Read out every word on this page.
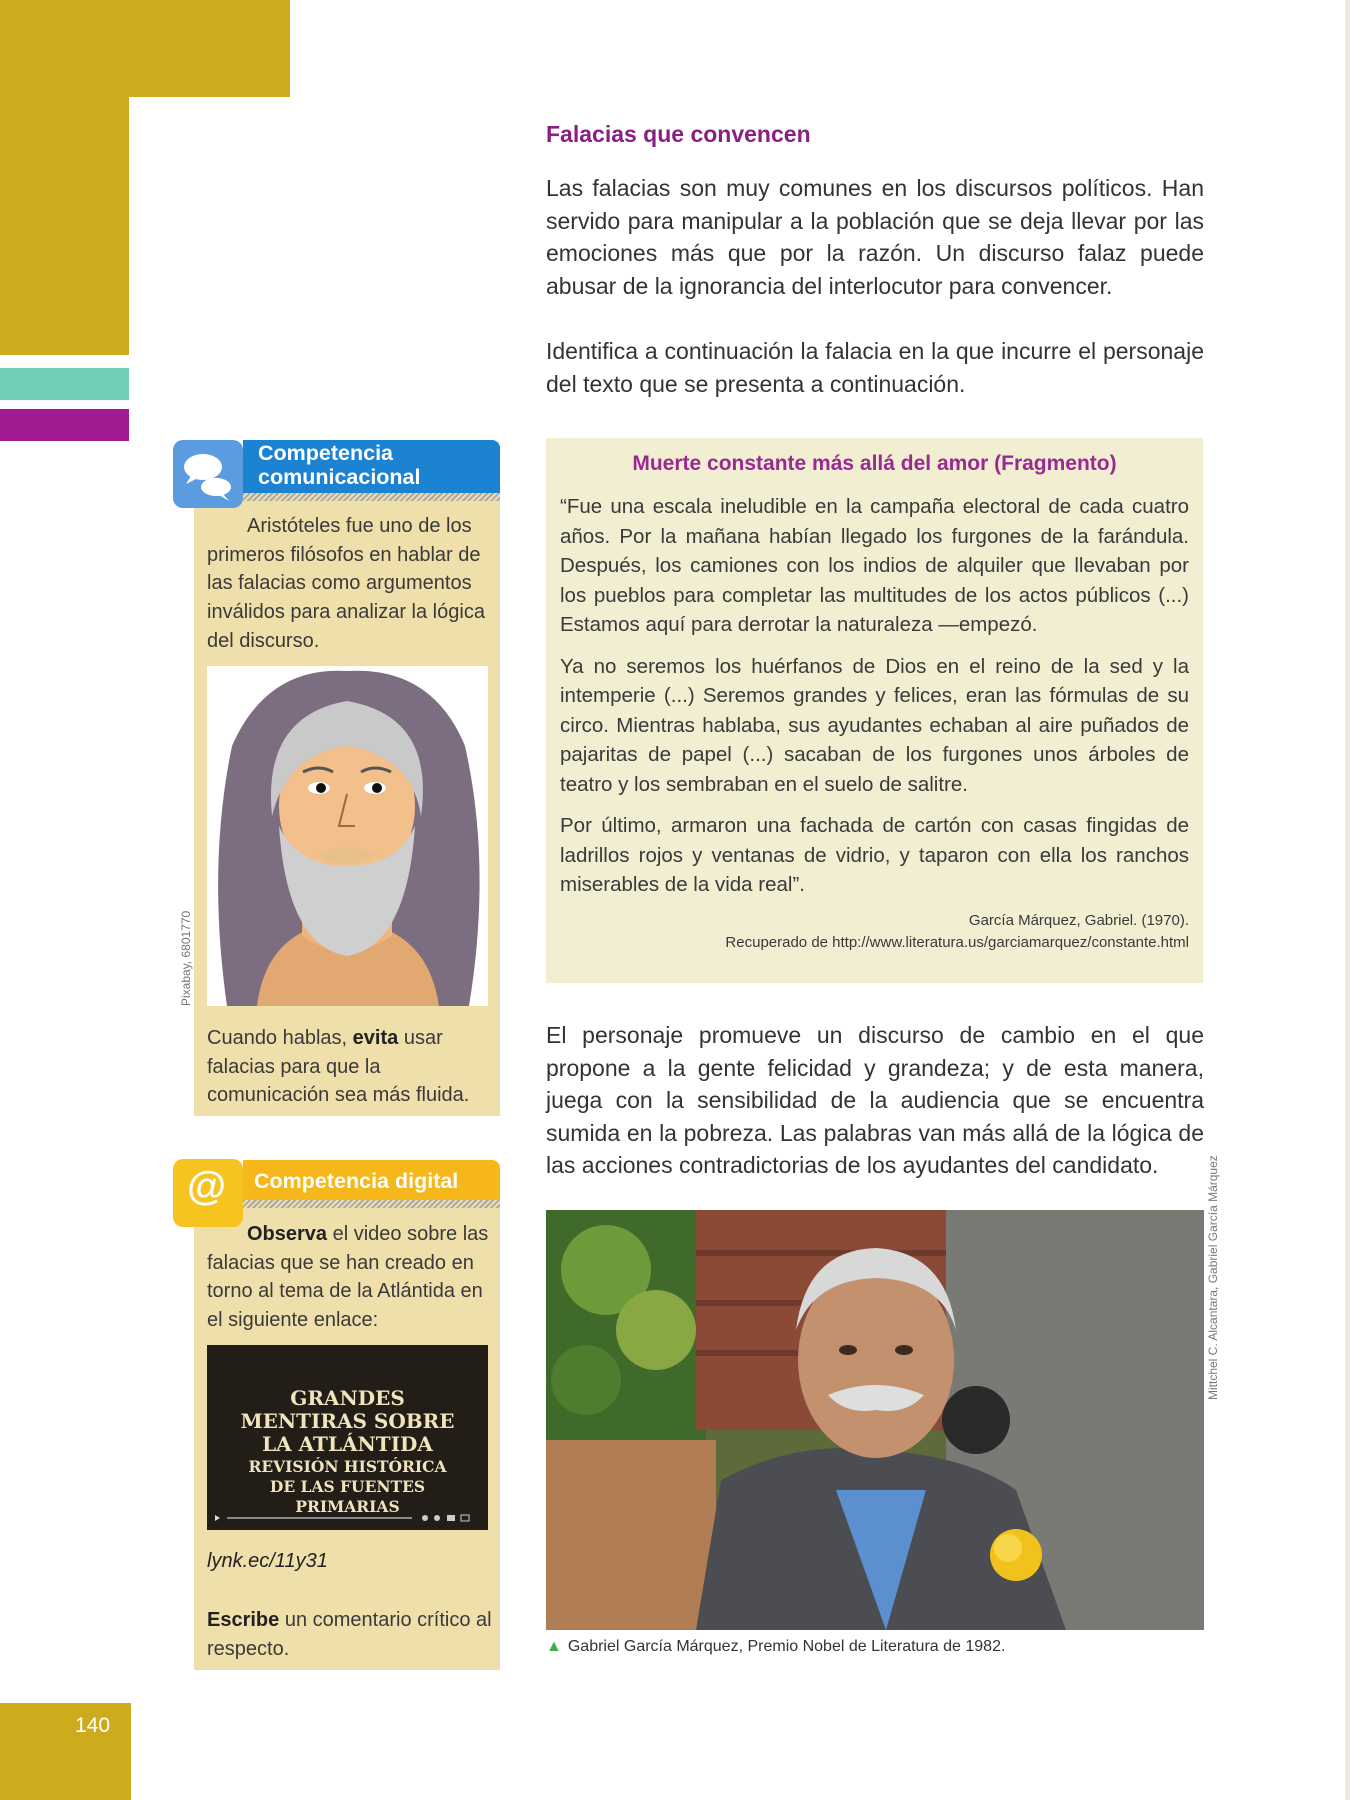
140
Falacias que convencen

Las falacias son muy comunes en los discursos políticos. Han servido para manipular a la población que se deja llevar por las emociones más que por la razón. Un discurso falaz puede abusar de la ignorancia del interlocutor para convencer.

Identifica a continuación la falacia en la que incurre el personaje del texto que se presenta a continuación.

Muerte constante más allá del amor (Fragmento)

“Fue una escala ineludible en la campaña electoral de cada cuatro años. Por la mañana habían llegado los furgones de la farándula. Después, los camiones con los indios de alquiler que llevaban por los pueblos para completar las multitudes de los actos públicos (...) Estamos aquí para derrotar la naturaleza —empezó.

Ya no seremos los huérfanos de Dios en el reino de la sed y la intemperie (...) Seremos grandes y felices, eran las fórmulas de su circo. Mientras hablaba, sus ayudantes echaban al aire puñados de pajaritas de papel (...) sacaban de los furgones unos árboles de teatro y los sembraban en el suelo de salitre.

Por último, armaron una fachada de cartón con casas fingidas de ladrillos rojos y ventanas de vidrio, y taparon con ella los ranchos miserables de la vida real”.

García Márquez, Gabriel. (1970).
Recuperado de http://www.literatura.us/garciamarquez/constante.html

El personaje promueve un discurso de cambio en el que propone a la gente felicidad y grandeza; y de esta manera, juega con la sensibilidad de la audiencia que se encuentra sumida en la pobreza. Las palabras van más allá de la lógica de las acciones contradictorias de los ayudantes del candidato.

▲ Gabriel García Márquez, Premio Nobel de Literatura de 1982.
Mittchel C. Alcantara, Gabriel García Márquez
Competencia
comunicacional

  Aristóteles fue uno de los primeros filósofos en hablar de las falacias como argumentos inválidos para analizar la lógica del discurso.

Pixabay, 6801770

Cuando hablas, evita usar falacias para que la comunicación sea más fluida.

@ Competencia digital

  Observa el video sobre las falacias que se han creado en torno al tema de la Atlántida en el siguiente enlace:

GRANDES
MENTIRAS SOBRE
LA ATLÁNTIDA
REVISIÓN HISTÓRICA
DE LAS FUENTES
PRIMARIAS
lynk.ec/11y31

Escribe un comentario crítico al respecto.
